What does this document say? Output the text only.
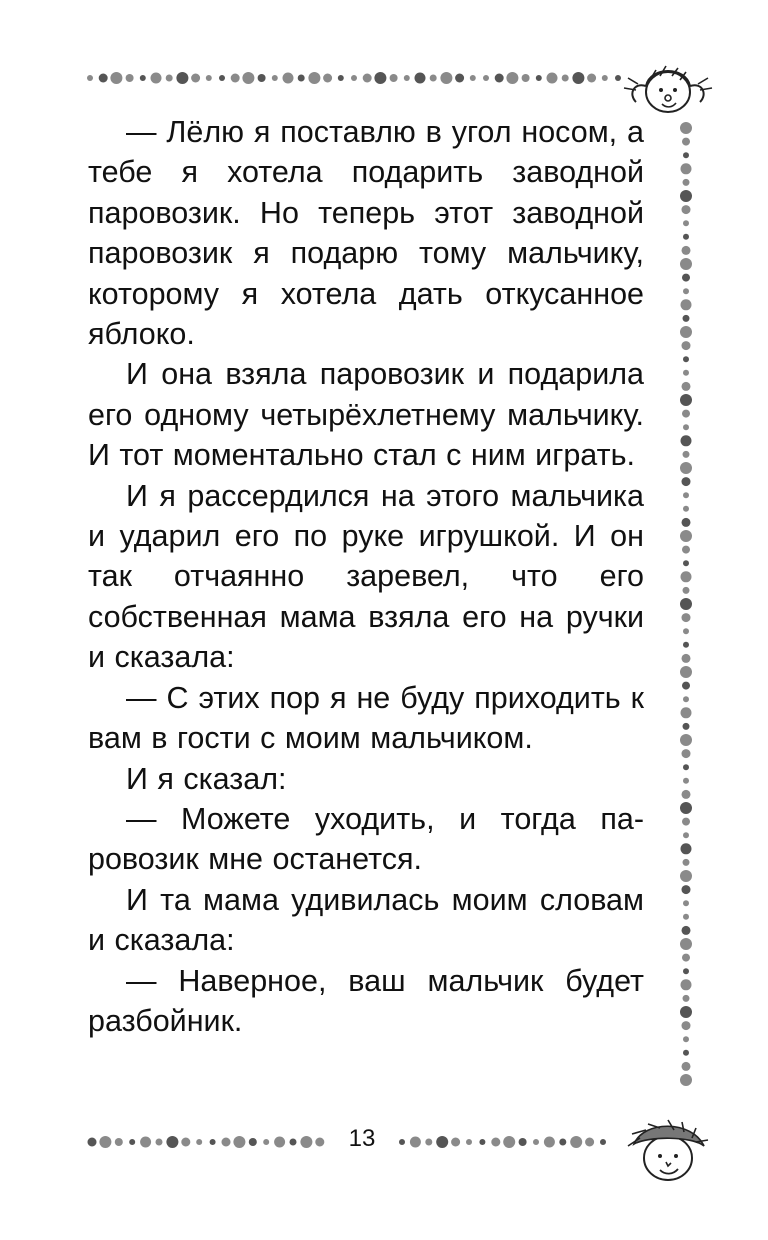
— Лёлю я поставлю в угол носом, а тебе я хотела подарить заводной паровозик. Но теперь этот заводной паровозик я подарю тому мальчику, которому я хотела дать откусанное яблоко.

И она взяла паровозик и подарила его одному четырёхлетнему мальчику. И тот моментально стал с ним играть.

И я рассердился на этого мальчика и ударил его по руке игрушкой. И он так отчаянно заревел, что его собственная мама взяла его на ручки и сказала:

— С этих пор я не буду приходить к вам в гости с моим мальчиком.

И я сказал:

— Можете уходить, и тогда паровозик мне останется.

И та мама удивилась моим словам и сказала:

— Наверное, ваш мальчик будет разбойник.

13
